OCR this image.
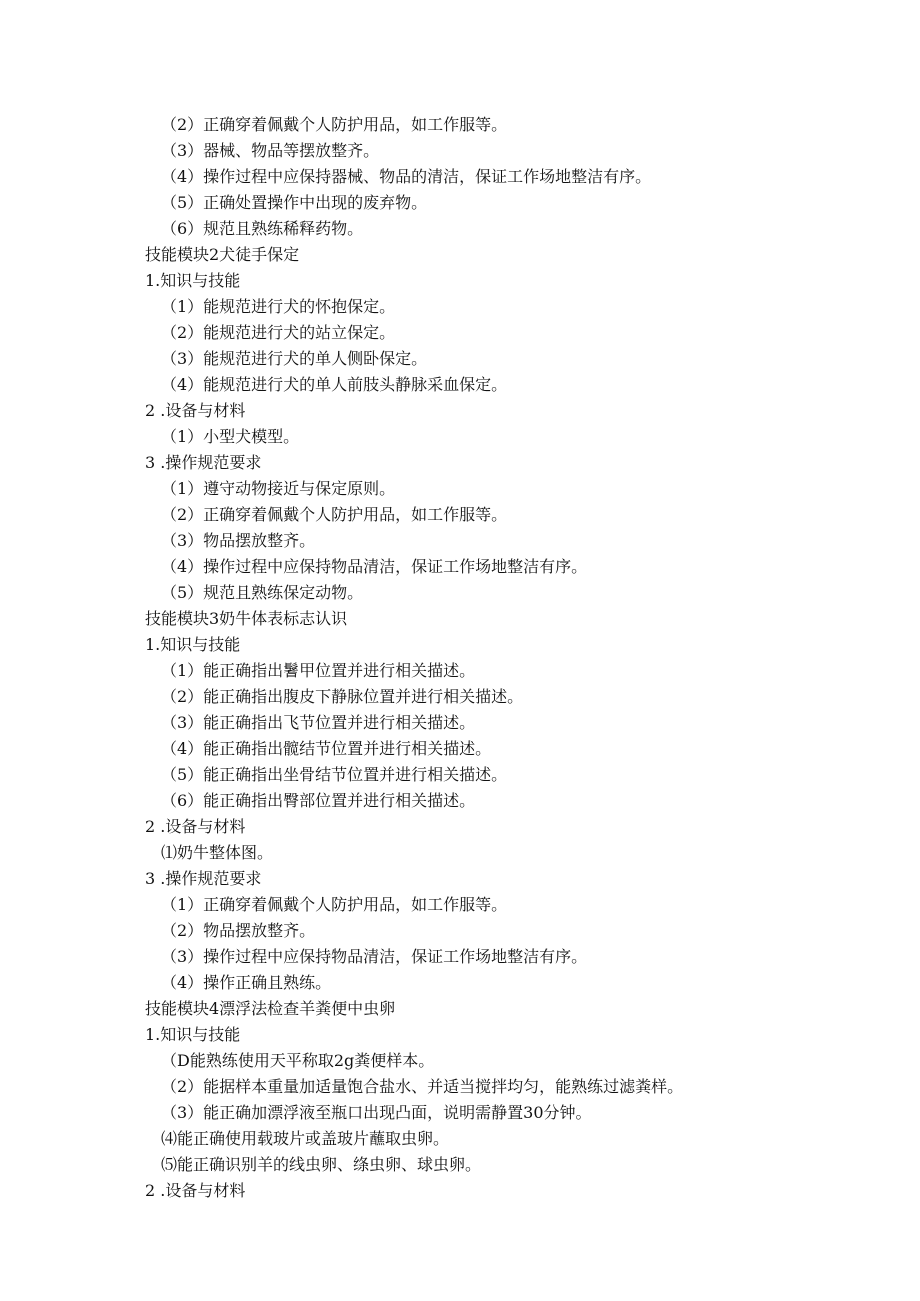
（2）正确穿着佩戴个人防护用品，如工作服等。
（3）器械、物品等摆放整齐。
（4）操作过程中应保持器械、物品的清洁，保证工作场地整洁有序。
（5）正确处置操作中出现的废弃物。
（6）规范且熟练稀释药物。
技能模块2犬徒手保定
1.知识与技能
（1）能规范进行犬的怀抱保定。
（2）能规范进行犬的站立保定。
（3）能规范进行犬的单人侧卧保定。
（4）能规范进行犬的单人前肢头静脉采血保定。
2 .设备与材料
（1）小型犬模型。
3 .操作规范要求
（1）遵守动物接近与保定原则。
（2）正确穿着佩戴个人防护用品，如工作服等。
（3）物品摆放整齐。
（4）操作过程中应保持物品清洁，保证工作场地整洁有序。
（5）规范且熟练保定动物。
技能模块3奶牛体表标志认识
1.知识与技能
（1）能正确指出鬐甲位置并进行相关描述。
（2）能正确指出腹皮下静脉位置并进行相关描述。
（3）能正确指出飞节位置并进行相关描述。
（4）能正确指出髋结节位置并进行相关描述。
（5）能正确指出坐骨结节位置并进行相关描述。
（6）能正确指出臀部位置并进行相关描述。
2 .设备与材料
⑴奶牛整体图。
3 .操作规范要求
（1）正确穿着佩戴个人防护用品，如工作服等。
（2）物品摆放整齐。
（3）操作过程中应保持物品清洁，保证工作场地整洁有序。
（4）操作正确且熟练。
技能模块4漂浮法检查羊粪便中虫卵
1.知识与技能
（D能熟练使用天平称取2g粪便样本。
（2）能据样本重量加适量饱合盐水、并适当搅拌均匀，能熟练过滤粪样。
（3）能正确加漂浮液至瓶口出现凸面，说明需静置30分钟。
⑷能正确使用载玻片或盖玻片蘸取虫卵。
⑸能正确识别羊的线虫卵、绦虫卵、球虫卵。
2 .设备与材料
